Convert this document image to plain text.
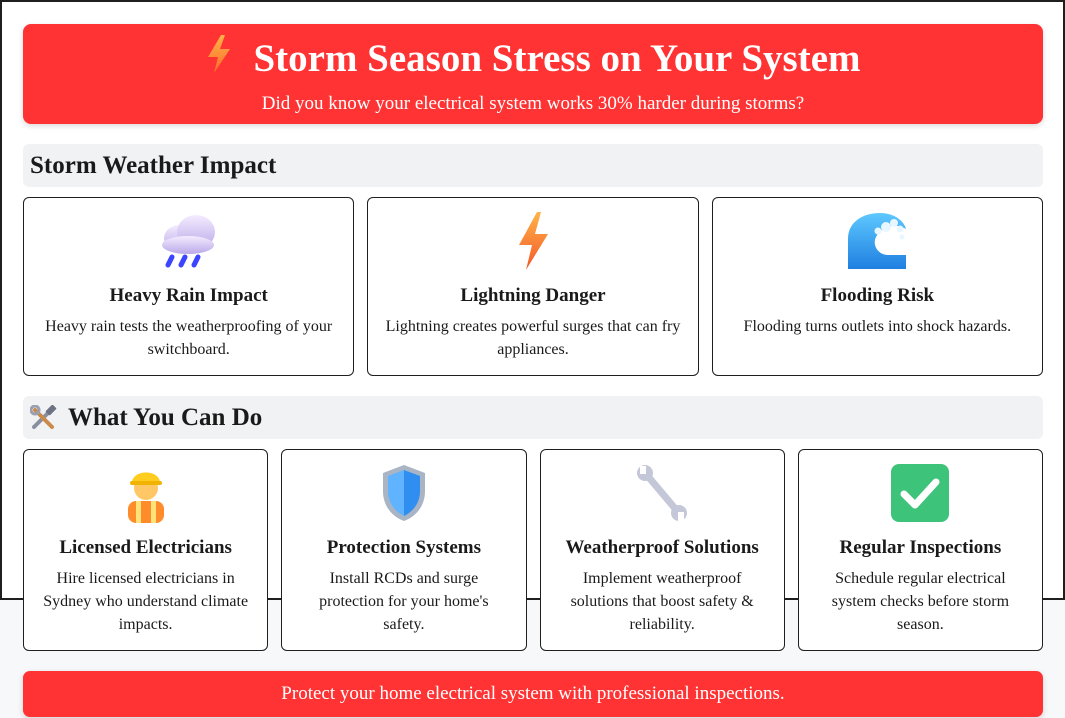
Storm Season Stress on Your System
Did you know your electrical system works 30% harder during storms?
Storm Weather Impact
Heavy Rain Impact
Heavy rain tests the weatherproofing of your switchboard.
Lightning Danger
Lightning creates powerful surges that can fry appliances.
Flooding Risk
Flooding turns outlets into shock hazards.
What You Can Do
Licensed Electricians
Hire licensed electricians in Sydney who understand climate impacts.
Protection Systems
Install RCDs and surge protection for your home's safety.
Weatherproof Solutions
Implement weatherproof solutions that boost safety & reliability.
Regular Inspections
Schedule regular electrical system checks before storm season.
Protect your home electrical system with professional inspections.
